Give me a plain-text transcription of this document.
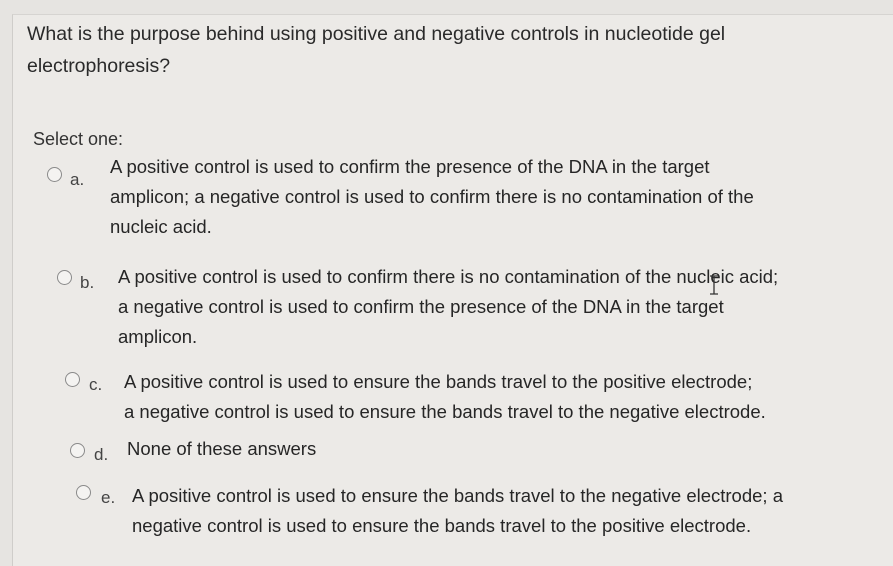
What is the purpose behind using positive and negative controls in nucleotide gel
electrophoresis?
Select one:
a.
A positive control is used to confirm the presence of the DNA in the target
amplicon; a negative control is used to confirm there is no contamination of the
nucleic acid.
b. A positive control is used to confirm there is no contamination of the nucleic acid;
a negative control is used to confirm the presence of the DNA in the target
amplicon.
c. A positive control is used to ensure the bands travel to the positive electrode;
a negative control is used to ensure the bands travel to the negative electrode.
d. None of these answers
e. A positive control is used to ensure the bands travel to the negative electrode; a
negative control is used to ensure the bands travel to the positive electrode.
